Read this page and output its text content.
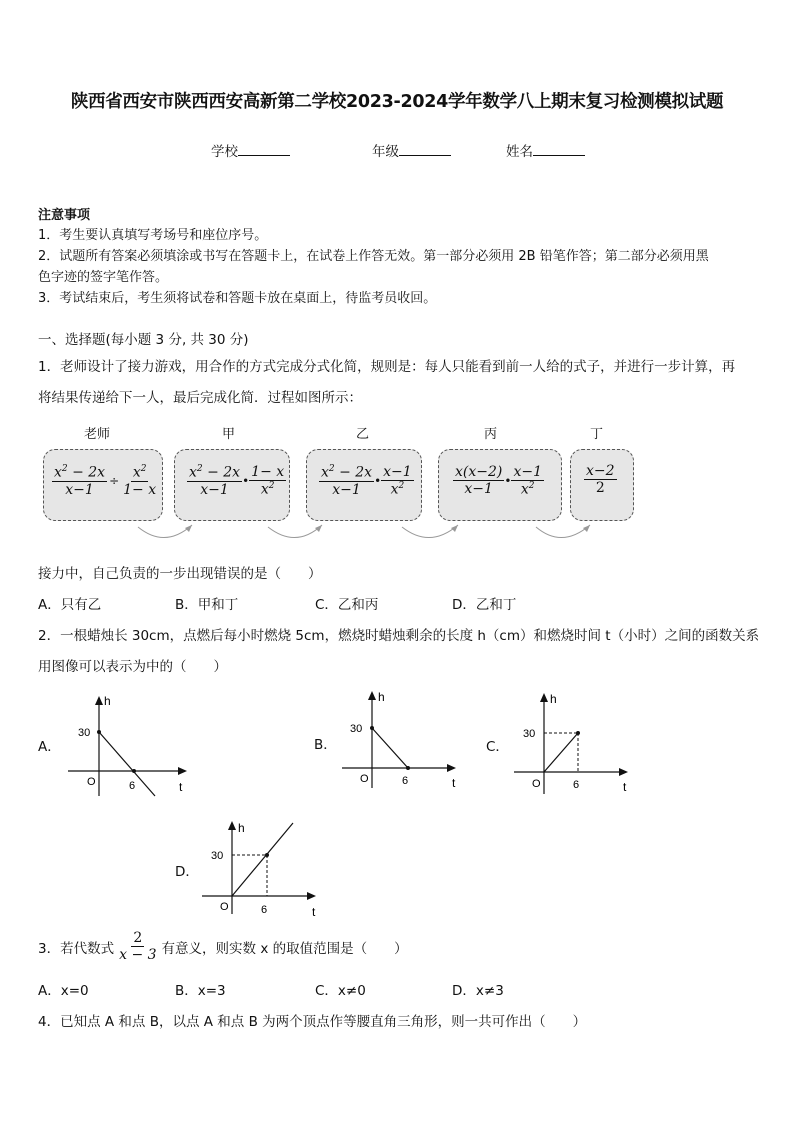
陕西省西安市陕西西安高新第二学校2023-2024学年数学八上期末复习检测模拟试题
学校	年级	姓名
注意事项
1．考生要认真填写考场号和座位序号。
2．试题所有答案必须填涂或书写在答题卡上，在试卷上作答无效。第一部分必须用 2B 铅笔作答；第二部分必须用黑
色字迹的签字笔作答。
3．考试结束后，考生须将试卷和答题卡放在桌面上，待监考员收回。
一、选择题(每小题 3 分, 共 30 分)
1．老师设计了接力游戏，用合作的方式完成分式化简，规则是：每人只能看到前一人给的式子，并进行一步计算，再
将结果传递给下一人，最后完成化简．过程如图所示：
老师	甲	乙	丙	丁
$\frac{x^2 - 2x}{x-1} \div \frac{x^2}{1- x} \frac{x^2 - 2x}{x-1}$ • $\frac{1- x}{x^2} \frac{x^2 - 2x}{x-1}$ • $\frac{x-1}{x^2}$	$\frac{x(x-2)}{x-1}$ • $\frac{x-1}{x^2}$	$\frac{x-2}{2}$
接力中，自己负责的一步出现错误的是（　　）
A．只有乙	B．甲和丁	C．乙和丙	D．乙和丁
2．一根蜡烛长 30cm，点燃后每小时燃烧 5cm，燃烧时蜡烛剩余的长度 h（cm）和燃烧时间 t（小时）之间的函数关系
用图像可以表示为中的（　　）
A．
h
30
O	6	t
B．
h
30
O	6	t
C．
h
30
O	6	t
D．
h
30
O	6	t
3．若代数式 $\frac{2}{x - 3}$ 有意义，则实数 x 的取值范围是（　　）
A．x=0	B．x=3	C．x≠0	D．x≠3
4．已知点 A 和点 B，以点 A 和点 B 为两个顶点作等腰直角三角形，则一共可作出（　　）
